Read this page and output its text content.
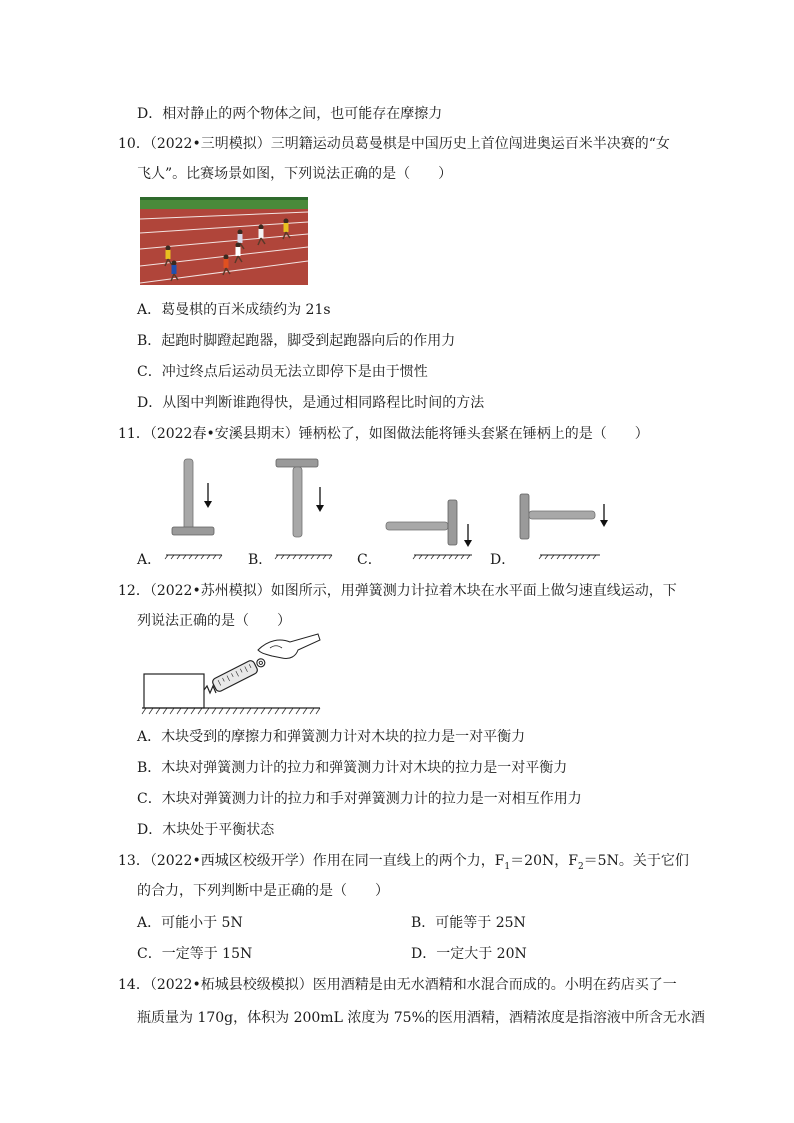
D．相对静止的两个物体之间，也可能存在摩擦力
10．（2022•三明模拟）三明籍运动员葛曼棋是中国历史上首位闯进奥运百米半决赛的“女
飞人”。比赛场景如图，下列说法正确的是（　　）
A．葛曼棋的百米成绩约为 21s
B．起跑时脚蹬起跑器，脚受到起跑器向后的作用力
C．冲过终点后运动员无法立即停下是由于惯性
D．从图中判断谁跑得快，是通过相同路程比时间的方法
11．（2022春•安溪县期末）锤柄松了，如图做法能将锤头套紧在锤柄上的是（　　）
A．	B．	C．	D．
12．（2022•苏州模拟）如图所示，用弹簧测力计拉着木块在水平面上做匀速直线运动，下
列说法正确的是（　　）
A．木块受到的摩擦力和弹簧测力计对木块的拉力是一对平衡力
B．木块对弹簧测力计的拉力和弹簧测力计对木块的拉力是一对平衡力
C．木块对弹簧测力计的拉力和手对弹簧测力计的拉力是一对相互作用力
D．木块处于平衡状态
13．（2022•西城区校级开学）作用在同一直线上的两个力，$F_1=20N$，$F_2=5N$。关于它们
的合力，下列判断中是正确的是（　　）
A．可能小于 5N	B．可能等于 25N
C．一定等于 15N	D．一定大于 20N
14．（2022•柘城县校级模拟）医用酒精是由无水酒精和水混合而成的。小明在药店买了一
瓶质量为 170g，体积为 200mL 浓度为 75%的医用酒精，酒精浓度是指溶液中所含无水酒
